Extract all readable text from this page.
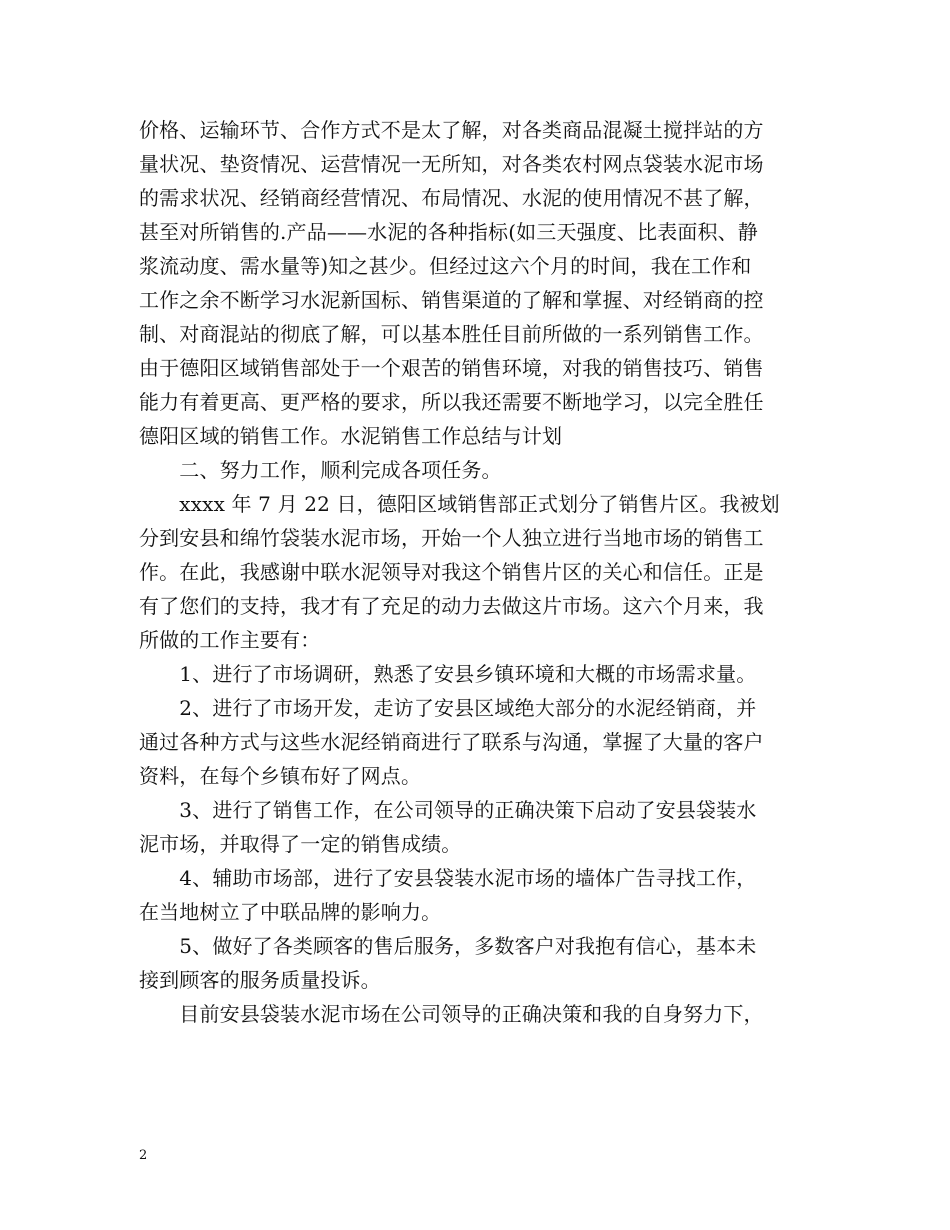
价格、运输环节、合作方式不是太了解，对各类商品混凝土搅拌站的方
量状况、垫资情况、运营情况一无所知，对各类农村网点袋装水泥市场
的需求状况、经销商经营情况、布局情况、水泥的使用情况不甚了解，
甚至对所销售的.产品——水泥的各种指标(如三天强度、比表面积、静
浆流动度、需水量等)知之甚少。但经过这六个月的时间，我在工作和
工作之余不断学习水泥新国标、销售渠道的了解和掌握、对经销商的控
制、对商混站的彻底了解，可以基本胜任目前所做的一系列销售工作。
由于德阳区域销售部处于一个艰苦的销售环境，对我的销售技巧、销售
能力有着更高、更严格的要求，所以我还需要不断地学习，以完全胜任
德阳区域的销售工作。水泥销售工作总结与计划
　　二、努力工作，顺利完成各项任务。
　　xxxx 年 7 月 22 日，德阳区域销售部正式划分了销售片区。我被划
分到安县和绵竹袋装水泥市场，开始一个人独立进行当地市场的销售工
作。在此，我感谢中联水泥领导对我这个销售片区的关心和信任。正是
有了您们的支持，我才有了充足的动力去做这片市场。这六个月来，我
所做的工作主要有：
　　1、进行了市场调研，熟悉了安县乡镇环境和大概的市场需求量。
　　2、进行了市场开发，走访了安县区域绝大部分的水泥经销商，并
通过各种方式与这些水泥经销商进行了联系与沟通，掌握了大量的客户
资料，在每个乡镇布好了网点。
　　3、进行了销售工作，在公司领导的正确决策下启动了安县袋装水
泥市场，并取得了一定的销售成绩。
　　4、辅助市场部，进行了安县袋装水泥市场的墙体广告寻找工作，
在当地树立了中联品牌的影响力。
　　5、做好了各类顾客的售后服务，多数客户对我抱有信心，基本未
接到顾客的服务质量投诉。
　　目前安县袋装水泥市场在公司领导的正确决策和我的自身努力下，
2
